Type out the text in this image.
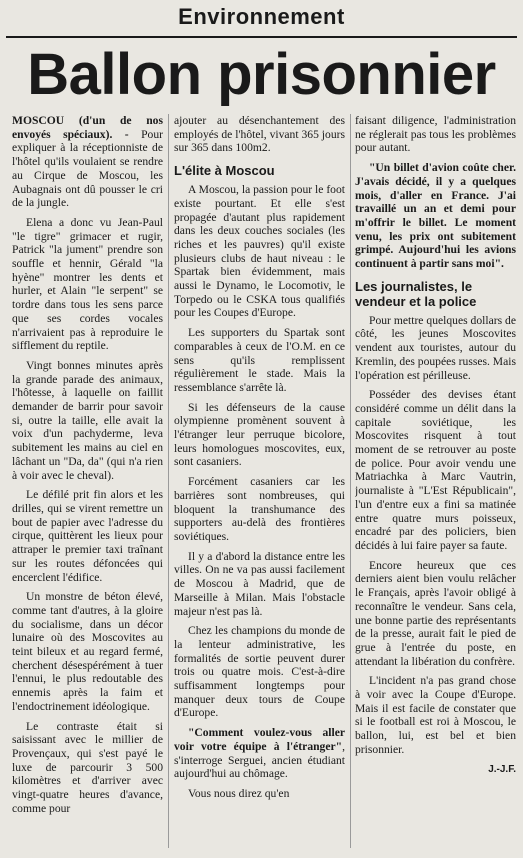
Environnement
Ballon prisonnier

MOSCOU (d'un de nos envoyés spéciaux). - Pour expliquer à la réceptionniste de l'hôtel qu'ils voulaient se rendre au Cirque de Moscou, les Aubagnais ont dû pousser le cri de la jungle.

Elena a donc vu Jean-Paul "le tigre" grimacer et rugir, Patrick "la jument" prendre son souffle et hennir, Gérald "la hyène" montrer les dents et hurler, et Alain "le serpent" se tordre dans tous les sens parce que ses cordes vocales n'arrivaient pas à reproduire le sifflement du reptile.

Vingt bonnes minutes après la grande parade des animaux, l'hôtesse, à laquelle on faillit demander de barrir pour savoir si, outre la taille, elle avait la voix d'un pachyderme, leva subitement les mains au ciel en lâchant un "Da, da" (qui n'a rien à voir avec le cheval).

Le défilé prit fin alors et les drilles, qui se virent remettre un bout de papier avec l'adresse du cirque, quittèrent les lieux pour attraper le premier taxi traînant sur les routes défoncées qui encerclent l'édifice.

Un monstre de béton élevé, comme tant d'autres, à la gloire du socialisme, dans un décor lunaire où des Moscovites au teint bileux et au regard fermé, cherchent désespérément à tuer l'ennui, le plus redoutable des ennemis après la faim et l'endoctrinement idéologique.

Le contraste était si saisissant avec le millier de Provençaux, qui s'est payé le luxe de parcourir 3 500 kilomètres et d'arriver avec vingt-quatre heures d'avance, comme pour

ajouter au désenchantement des employés de l'hôtel, vivant 365 jours sur 365 dans 100m2.

L'élite à Moscou

A Moscou, la passion pour le foot existe pourtant. Et elle s'est propagée d'autant plus rapidement dans les deux couches sociales (les riches et les pauvres) qu'il existe plusieurs clubs de haut niveau : le Spartak bien évidemment, mais aussi le Dynamo, le Locomotiv, le Torpedo ou le CSKA tous qualifiés pour les Coupes d'Europe.

Les supporters du Spartak sont comparables à ceux de l'O.M. en ce sens qu'ils remplissent régulièrement le stade. Mais la ressemblance s'arrête là.

Si les défenseurs de la cause olympienne promènent souvent à l'étranger leur perruque bicolore, leurs homologues moscovites, eux, sont casaniers.

Forcément casaniers car les barrières sont nombreuses, qui bloquent la transhumance des supporters au-delà des frontières soviétiques.

Il y a d'abord la distance entre les villes. On ne va pas aussi facilement de Moscou à Madrid, que de Marseille à Milan. Mais l'obstacle majeur n'est pas là.

Chez les champions du monde de la lenteur administrative, les formalités de sortie peuvent durer trois ou quatre mois. C'est-à-dire suffisamment longtemps pour manquer deux tours de Coupe d'Europe.

"Comment voulez-vous aller voir votre équipe à l'étranger", s'interroge Serguei, ancien étudiant aujourd'hui au chômage.

Vous nous direz qu'en

faisant diligence, l'administration ne réglerait pas tous les problèmes pour autant.

"Un billet d'avion coûte cher. J'avais décidé, il y a quelques mois, d'aller en France. J'ai travaillé un an et demi pour m'offrir le billet. Le moment venu, les prix ont subitement grimpé. Aujourd'hui les avions continuent à partir sans moi".

Les journalistes, le vendeur et la police

Pour mettre quelques dollars de côté, les jeunes Moscovites vendent aux touristes, autour du Kremlin, des poupées russes. Mais l'opération est périlleuse.

Posséder des devises étant considéré comme un délit dans la capitale soviétique, les Moscovites risquent à tout moment de se retrouver au poste de police. Pour avoir vendu une Matriachka à Marc Vautrin, journaliste à "L'Est Républicain", l'un d'entre eux a fini sa matinée entre quatre murs poisseux, encadré par des policiers, bien décidés à lui faire payer sa faute.

Encore heureux que ces derniers aient bien voulu relâcher le Français, après l'avoir obligé à reconnaître le vendeur. Sans cela, une bonne partie des représentants de la presse, aurait fait le pied de grue à l'entrée du poste, en attendant la libération du confrère.

L'incident n'a pas grand chose à voir avec la Coupe d'Europe. Mais il est facile de constater que si le football est roi à Moscou, le ballon, lui, est bel et bien prisonnier.

J.-J.F.
